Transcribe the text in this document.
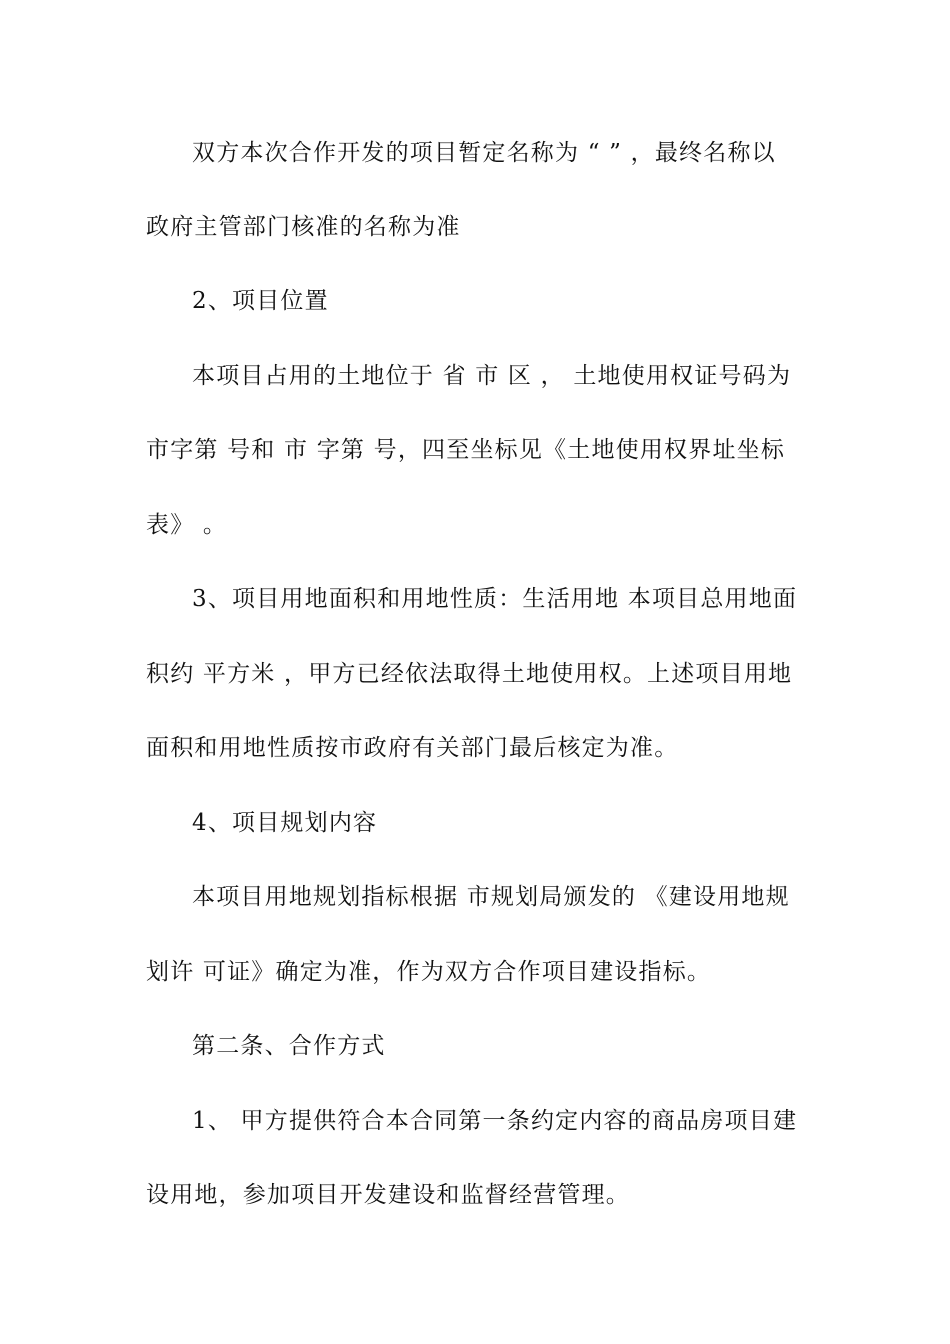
双方本次合作开发的项目暂定名称为 “ ” ，最终名称以
政府主管部门核准的名称为准
2、项目位置
本项目占用的土地位于 省 市 区 ， 土地使用权证号码为
市字第 号和 市 字第 号，四至坐标见《土地使用权界址坐标
表》 。
3、项目用地面积和用地性质：生活用地 本项目总用地面
积约 平方米 ，甲方已经依法取得土地使用权。上述项目用地
面积和用地性质按市政府有关部门最后核定为准。
4、项目规划内容
本项目用地规划指标根据 市规划局颁发的 《建设用地规
划许 可证》确定为准，作为双方合作项目建设指标。
第二条、合作方式
1、 甲方提供符合本合同第一条约定内容的商品房项目建
设用地，参加项目开发建设和监督经营管理。
